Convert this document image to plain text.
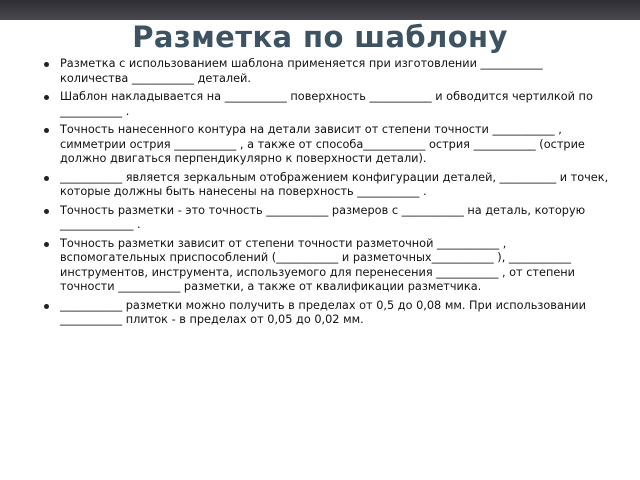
Разметка по шаблону
Разметка с использованием шаблона применяется при изготовлении ___________ количества ___________ деталей.
Шаблон накладывается на ___________ поверхность ___________ и обводится чертилкой по ___________ .
Точность нанесенного контура на детали зависит от степени точности ___________ , симметрии острия ___________ , а также от способа___________ острия ___________ (острие должно двигаться перпендикулярно к поверхности детали).
___________ является зеркальным отображением конфигурации деталей, __________ и точек, которые должны быть нанесены на поверхность ___________ .
Точность разметки - это точность ___________ размеров с ___________ на деталь, которую _____________ .
Точность разметки зависит от степени точности разметочной ___________ , вспомогательных приспособлений (___________ и разметочных___________ ), ___________ инструментов, инструмента, используемого для перенесения ___________ , от степени точности ___________ разметки, а также от квалификации разметчика.
___________ разметки можно получить в пределах от 0,5 до 0,08 мм. При использовании ___________ плиток - в пределах от 0,05 до 0,02 мм.
